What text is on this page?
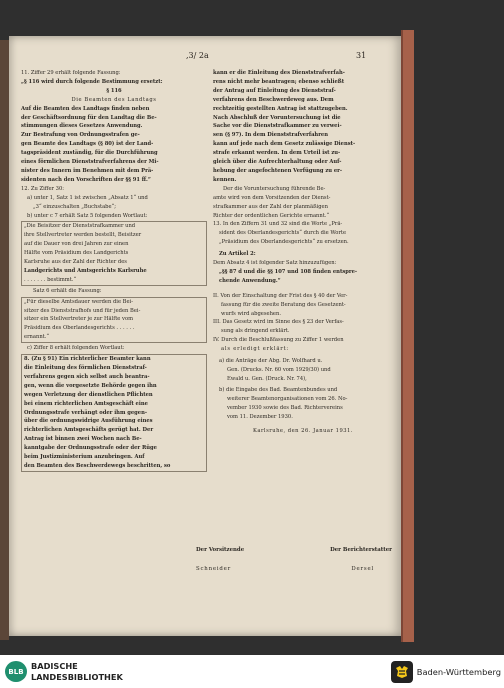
,3/ 2a	31

11. Ziffer 29 erhält folgende Fassung:

„§ 116 wird durch folgende Bestimmung ersetzt:

§ 116

Die Beamten des Landtags

Auf die Beamten des Landtags finden neben

der Geschäftsordnung für den Landtag die Be-

stimmungen dieses Gesetzes Anwendung.

Zur Bestrafung von Ordnungsstrafen ge-

gen Beamte des Landtags (§ 80) ist der Land-

tagspräsident zuständig, für die Durchführung

eines förmlichen Dienststrafverfahrens der Mi-

nister des Innern im Benehmen mit dem Prä-

sidenten nach den Vorschriften der §§ 91 ff.“

12. Zu Ziffer 30:

a) unter 1, Satz 1 ist zwischen „Absatz 1“ und

„3“ einzuschalten „Buchstabe“;

b) unter c 7 erhält Satz 5 folgenden Wortlaut:

„Die Beisitzer der Dienststrafkammer und

ihre Stellvertreter werden bestellt, Beisitzer

auf die Dauer von drei Jahren zur einen

Hälfte vom Präsidium des Landgerichts

Karlsruhe aus der Zahl der Richter des

Landgerichts und Amtsgerichts Karlsruhe

. . . . . . . bestimmt.“

Satz 6 erhält die Fassung:

„Für dieselbe Amtsdauer werden die Bei-

sitzer des Dienststrafhofs und für jeden Bei-

sitzer ein Stellvertreter je zur Hälfte vom

Präsidium des Oberlandesgerichts . . . . . .

ernannt.“

c) Ziffer 8 erhält folgenden Wortlaut:

8. (Zu § 91) Ein richterlicher Beamter kann

die Einleitung des förmlichen Dienststraf-

verfahrens gegen sich selbst auch beantra-

gen, wenn die vorgesetzte Behörde gegen ihn

wegen Verletzung der dienstlichen Pflichten

bei einem richterlichen Amtsgeschäft eine

Ordnungsstrafe verhängt oder ihm gegen-

über die ordnungswidrige Ausführung eines

richterlichen Amtsgeschäfts gerügt hat. Der

Antrag ist binnen zwei Wochen nach Be-

kanntgabe der Ordnungsstrafe oder der Rüge

beim Justizministerium anzubringen. Auf

den Beamten des Beschwerdewegs beschritten, so

kann er die Einleitung des Dienststrafverfah-

rens nicht mehr beantragen; ebenso schließt

der Antrag auf Einleitung des Dienststraf-

verfahrens den Beschwerdeweg aus. Dem

rechtzeitig gestellten Antrag ist stattzugeben.

Nach Abschluß der Voruntersuchung ist die

Sache vor die Dienststrafkammer zu verwei-

sen (§ 97). In dem Dienststrafverfahren

kann auf jede nach dem Gesetz zulässige Dienst-

strafe erkannt werden. In dem Urteil ist zu-

gleich über die Aufrechterhaltung oder Auf-

hebung der angefochtenen Verfügung zu er-

kennen.

Der die Voruntersuchung führende Be-

amte wird von dem Vorsitzenden der Dienst-

strafkammer aus der Zahl der planmäßigen

Richter der ordentlichen Gerichte ernannt.“

13. In den Ziffern 31 und 32 sind die Worte „Prä-

sident des Oberlandesgerichts“ durch die Worte

„Präsidium des Oberlandesgerichts“ zu ersetzen.

Zu Artikel 2:

Dem Absatz 4 ist folgender Satz hinzuzufügen:

„§§ 87 d und die §§ 107 und 108 finden entspre-

chende Anwendung.“

II. Von der Einschaltung der Frist des § 40 der Ver-

fassung für die zweite Beratung des Gesetzent-

wurfs wird abgesehen.

III. Das Gesetz wird im Sinne des § 23 der Verfas-

sung als dringend erklärt.

IV. Durch die Beschlußfassung zu Ziffer 1 werden

als erledigt erklärt:

a) die Anträge der Abg. Dr. Wolfhard u.

Gen. (Drucks. Nr. 60 vom 1929/30) und

Ewald u. Gen. (Druck. Nr. 74),

b) die Eingabe des Bad. Beamtenbundes und

weiterer Beamtenorganisationen vom 26. No-

vember 1930 sowie des Bad. Richtervereins

vom 11. Dezember 1930.

Karlsruhe, den 26. Januar 1931.

Der Vorsitzende	Der Berichterstatter
Schneider	Dersel
BLB
BADISCHE
LANDESBIBLIOTHEK	Baden-Württemberg
